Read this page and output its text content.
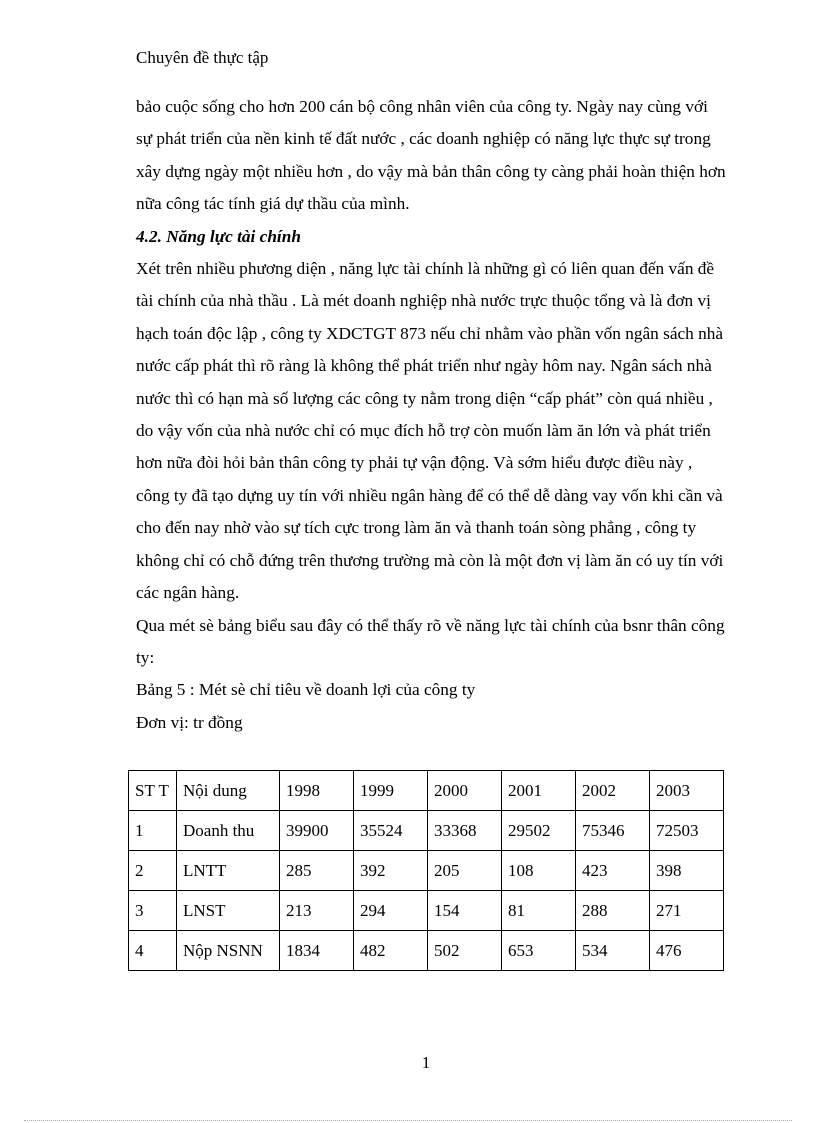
Chuyên đề thực tập

bảo cuộc sống cho hơn 200 cán bộ công nhân viên của công ty. Ngày nay cùng với sự phát triển của nền kinh tế đất nước , các doanh nghiệp có năng lực thực sự trong xây dựng ngày một nhiều hơn , do vậy mà bản thân công ty càng phải hoàn thiện hơn nữa công tác tính giá dự thầu của mình.

4.2. Năng lực tài chính

Xét trên nhiều phương diện , năng lực tài chính là những gì có liên quan đến vấn đề tài chính của nhà thầu . Là mét doanh nghiệp nhà nước trực thuộc tổng và là đơn vị hạch toán độc lập , công ty XDCTGT 873 nếu chỉ nhằm vào phần vốn ngân sách nhà nước cấp phát thì rõ ràng là không thể phát triển như ngày hôm nay. Ngân sách nhà nước thì có hạn mà số lượng các công ty nằm trong diện “cấp phát” còn quá nhiều , do vậy vốn của nhà nước chỉ có mục đích hỗ trợ còn muốn làm ăn lớn và phát triển hơn nữa đòi hỏi bản thân công ty phải tự vận động. Và sớm hiểu được điều này , công ty đã tạo dựng uy tín với nhiều ngân hàng để có thể dễ dàng vay vốn khi cần và cho đến nay nhờ vào sự tích cực trong làm ăn và thanh toán sòng phẳng , công ty không chỉ có chỗ đứng trên thương trường mà còn là một đơn vị làm ăn có uy tín với các ngân hàng.

Qua mét sè bảng biểu sau đây có thể thấy rõ về năng lực tài chính của bsnr thân công ty:

Bảng 5 : Mét sè chỉ tiêu về doanh lợi của công ty

Đơn vị: tr đồng

ST T	Nội dung	1998	1999	2000	2001	2002	2003
1	Doanh thu	39900	35524	33368	29502	75346	72503
2	LNTT	285	392	205	108	423	398
3	LNST	213	294	154	81	288	271
4	Nộp NSNN	1834	482	502	653	534	476
1
